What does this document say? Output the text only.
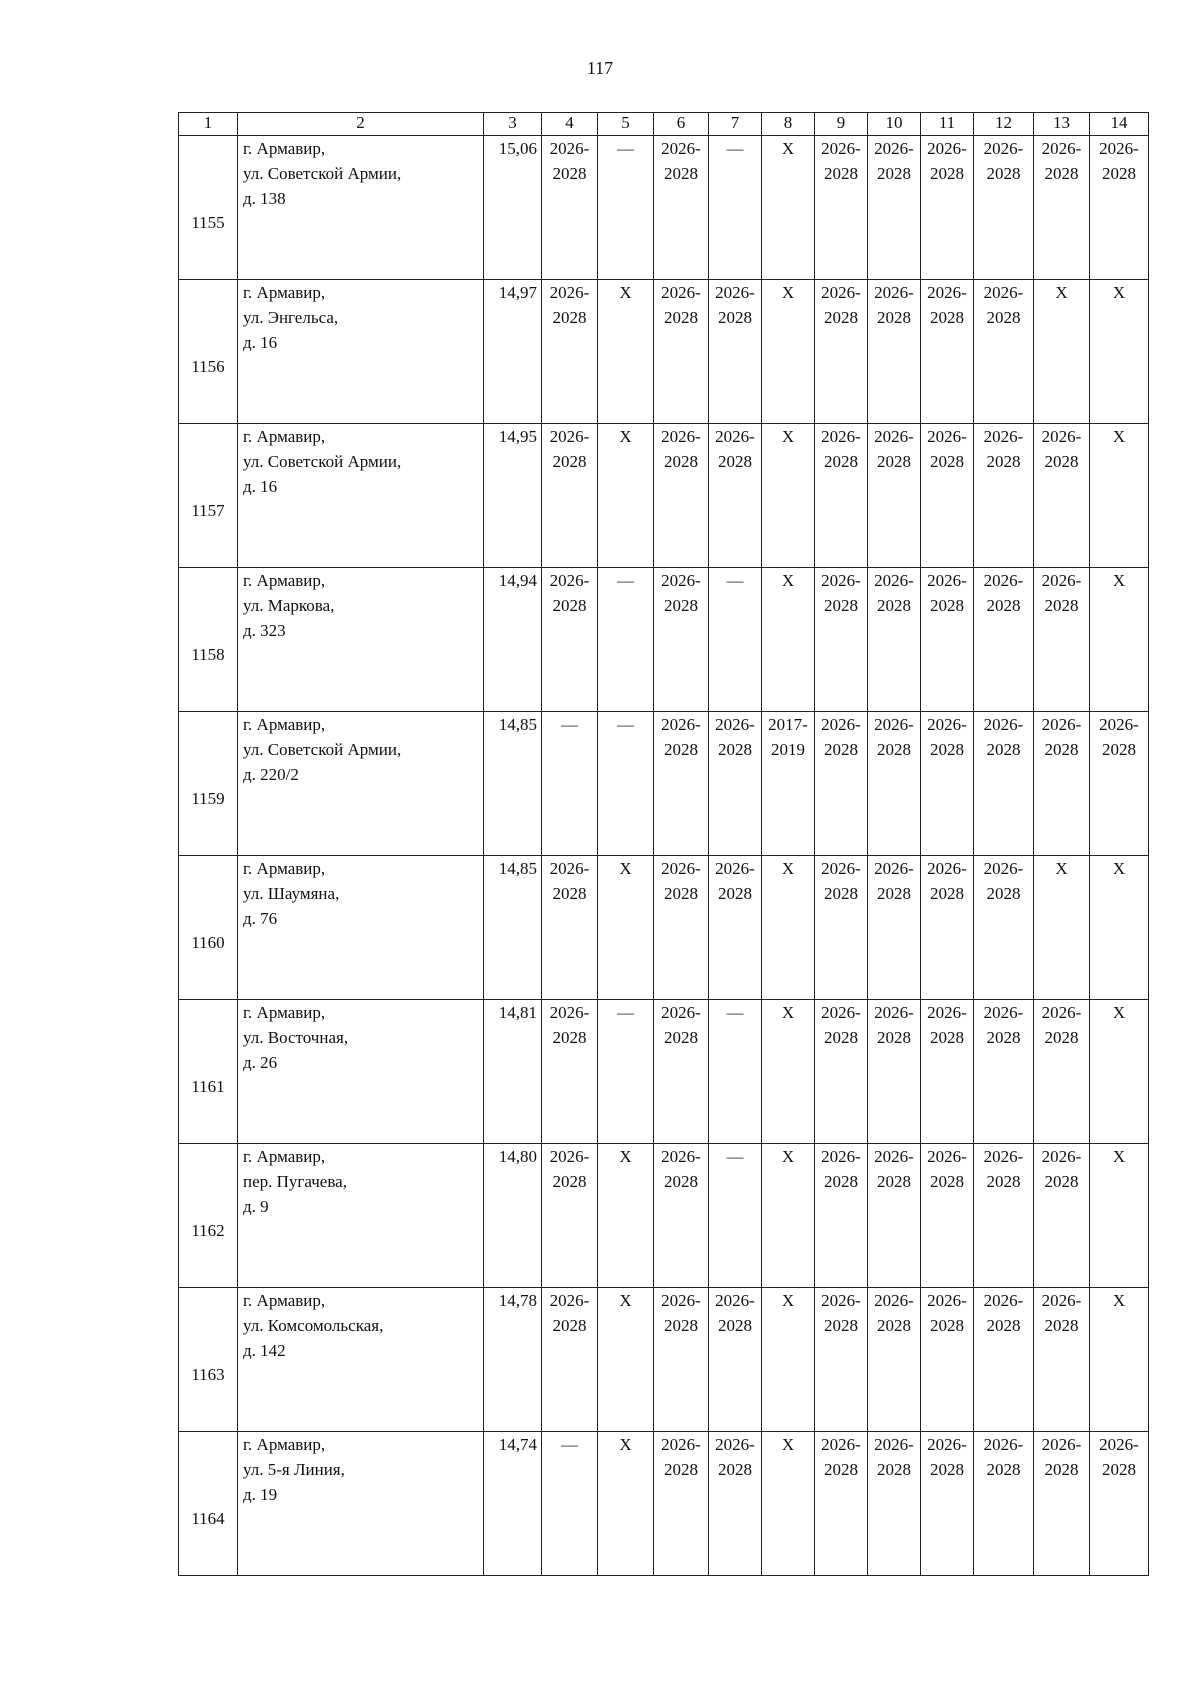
117
1	2	3	4	5	6	7	8	9	10	11	12	13	14

1155	г. Армавир,
ул. Советской Армии,
д. 138	15,06	2026-
2028	—	2026-
2028	—	Х	2026-
2028	2026-
2028	2026-
2028	2026-
2028	2026-
2028	2026-
2028

1156	г. Армавир,
ул. Энгельса,
д. 16	14,97	2026-
2028	Х	2026-
2028	2026-
2028	Х	2026-
2028	2026-
2028	2026-
2028	2026-
2028	Х	Х

1157	г. Армавир,
ул. Советской Армии,
д. 16	14,95	2026-
2028	Х	2026-
2028	2026-
2028	Х	2026-
2028	2026-
2028	2026-
2028	2026-
2028	2026-
2028	Х

1158	г. Армавир,
ул. Маркова,
д. 323	14,94	2026-
2028	—	2026-
2028	—	Х	2026-
2028	2026-
2028	2026-
2028	2026-
2028	2026-
2028	Х

1159	г. Армавир,
ул. Советской Армии,
д. 220/2	14,85	—	—	2026-
2028	2026-
2028	2017-
2019	2026-
2028	2026-
2028	2026-
2028	2026-
2028	2026-
2028	2026-
2028

1160	г. Армавир,
ул. Шаумяна,
д. 76	14,85	2026-
2028	Х	2026-
2028	2026-
2028	Х	2026-
2028	2026-
2028	2026-
2028	2026-
2028	Х	Х

1161	г. Армавир,
ул. Восточная,
д. 26	14,81	2026-
2028	—	2026-
2028	—	Х	2026-
2028	2026-
2028	2026-
2028	2026-
2028	2026-
2028	Х

1162	г. Армавир,
пер. Пугачева,
д. 9	14,80	2026-
2028	Х	2026-
2028	—	Х	2026-
2028	2026-
2028	2026-
2028	2026-
2028	2026-
2028	Х

1163	г. Армавир,
ул. Комсомольская,
д. 142	14,78	2026-
2028	Х	2026-
2028	2026-
2028	Х	2026-
2028	2026-
2028	2026-
2028	2026-
2028	2026-
2028	Х

1164	г. Армавир,
ул. 5-я Линия,
д. 19	14,74	—	Х	2026-
2028	2026-
2028	Х	2026-
2028	2026-
2028	2026-
2028	2026-
2028	2026-
2028	2026-
2028
